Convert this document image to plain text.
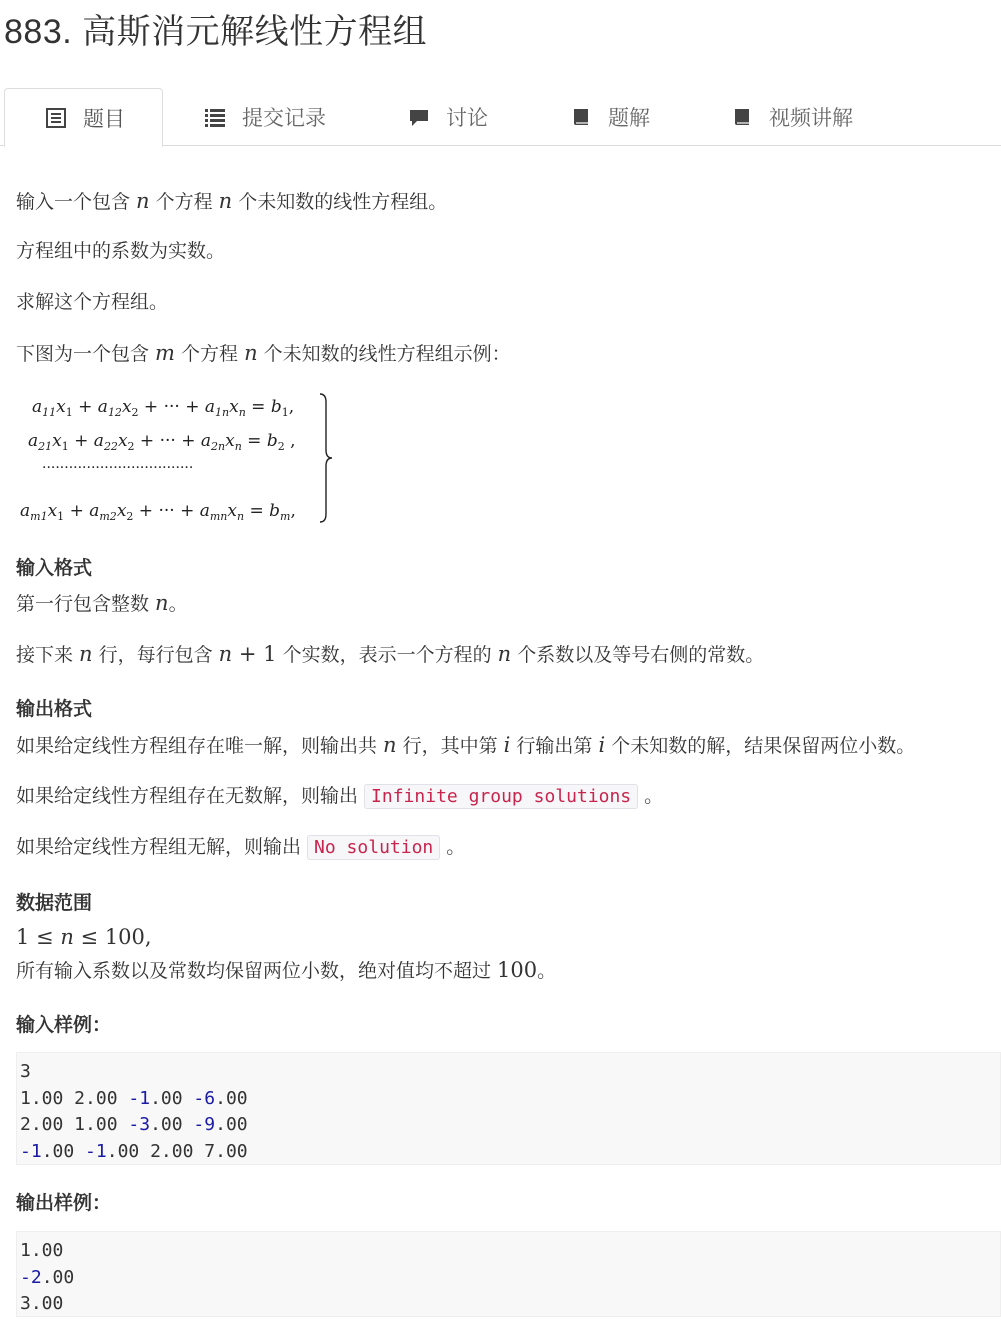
883. 高斯消元解线性方程组
题目	提交记录	讨论	题解	视频讲解

输入一个包含 n 个方程 n 个未知数的线性方程组。

方程组中的系数为实数。

求解这个方程组。

下图为一个包含 m 个方程 n 个未知数的线性方程组示例：

$a_{11}x_1 + a_{12}x_2$ + ··· + $a_{1n}x_n = b_1$,
$a_{21}x_1 + a_{22}x_2$ + ··· + $a_{2n}x_n = b_2$ ,
··································
$a_{m1}x_1 + a_{m2}x_2$ + ··· + $a_{mn}x_n = b_m$,
输入格式

第一行包含整数 n。

接下来 n 行，每行包含 n + 1 个实数，表示一个方程的 n 个系数以及等号右侧的常数。

输出格式

如果给定线性方程组存在唯一解，则输出共 n 行，其中第 i 行输出第 i 个未知数的解，结果保留两位小数。

如果给定线性方程组存在无数解，则输出 Infinite group solutions 。

如果给定线性方程组无解，则输出 No solution 。

数据范围

1 ≤ n ≤ 100,

所有输入系数以及常数均保留两位小数，绝对值均不超过 100。

输入样例：
3
1.00 2.00 -1.00 -6.00
2.00 1.00 -3.00 -9.00
-1.00 -1.00 2.00 7.00
输出样例：
1.00
-2.00
3.00
